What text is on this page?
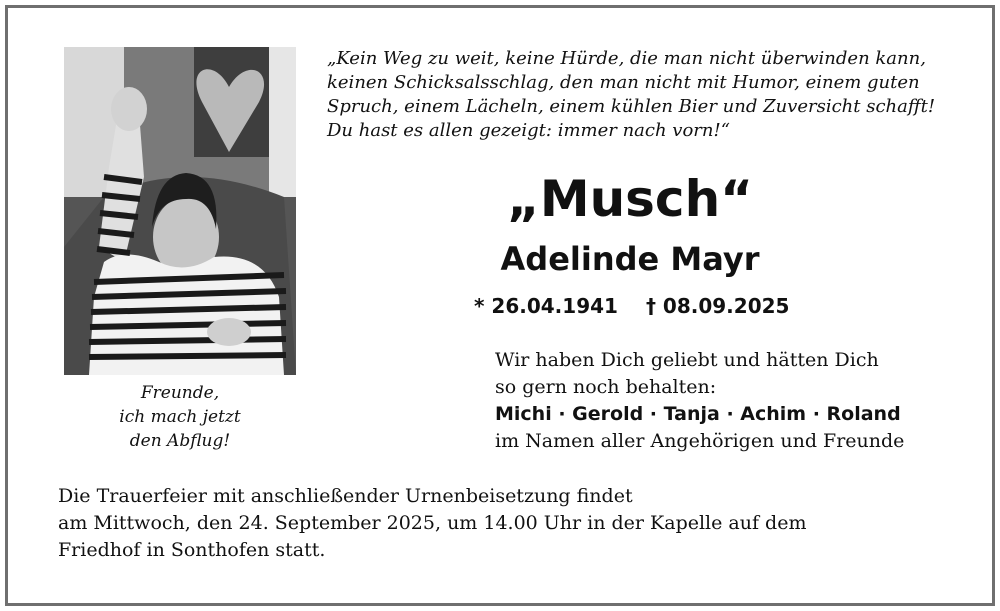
Freunde,
ich mach jetzt
den Abflug!
„Kein Weg zu weit, keine Hürde, die man nicht überwinden kann,
keinen Schicksalsschlag, den man nicht mit Humor, einem guten
Spruch, einem Lächeln, einem kühlen Bier und Zuversicht schafft!
Du hast es allen gezeigt: immer nach vorn!“
„Musch“
Adelinde Mayr
* 26.04.1941 † 08.09.2025
Wir haben Dich geliebt und hätten Dich
so gern noch behalten:
Michi · Gerold · Tanja · Achim · Roland
im Namen aller Angehörigen und Freunde
Die Trauerfeier mit anschließender Urnenbeisetzung findet
am Mittwoch, den 24. September 2025, um 14.00 Uhr in der Kapelle auf dem
Friedhof in Sonthofen statt.
